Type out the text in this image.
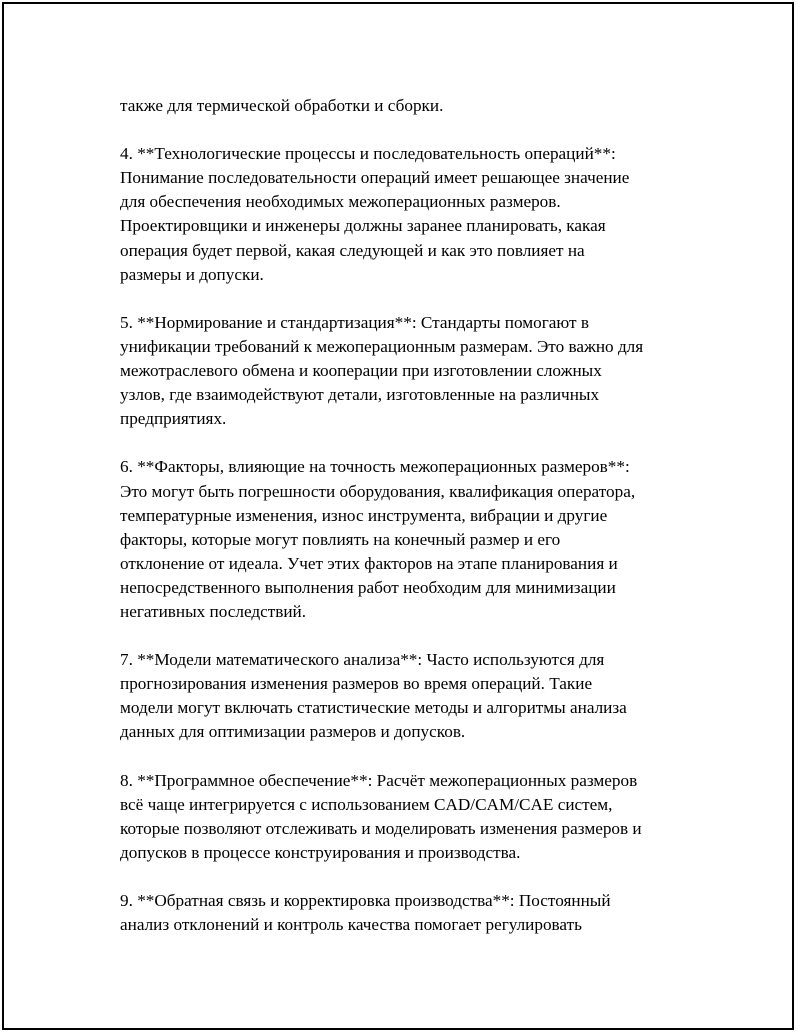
также для термической обработки и сборки.

4. **Технологические процессы и последовательность операций**:
Понимание последовательности операций имеет решающее значение
для обеспечения необходимых межоперационных размеров.
Проектировщики и инженеры должны заранее планировать, какая
операция будет первой, какая следующей и как это повлияет на
размеры и допуски.

5. **Нормирование и стандартизация**: Стандарты помогают в
унификации требований к межоперационным размерам. Это важно для
межотраслевого обмена и кооперации при изготовлении сложных
узлов, где взаимодействуют детали, изготовленные на различных
предприятиях.

6. **Факторы, влияющие на точность межоперационных размеров**:
Это могут быть погрешности оборудования, квалификация оператора,
температурные изменения, износ инструмента, вибрации и другие
факторы, которые могут повлиять на конечный размер и его
отклонение от идеала. Учет этих факторов на этапе планирования и
непосредственного выполнения работ необходим для минимизации
негативных последствий.

7. **Модели математического анализа**: Часто используются для
прогнозирования изменения размеров во время операций. Такие
модели могут включать статистические методы и алгоритмы анализа
данных для оптимизации размеров и допусков.

8. **Программное обеспечение**: Расчёт межоперационных размеров
всё чаще интегрируется с использованием CAD/CAM/CAE систем,
которые позволяют отслеживать и моделировать изменения размеров и
допусков в процессе конструирования и производства.

9. **Обратная связь и корректировка производства**: Постоянный
анализ отклонений и контроль качества помогает регулировать
